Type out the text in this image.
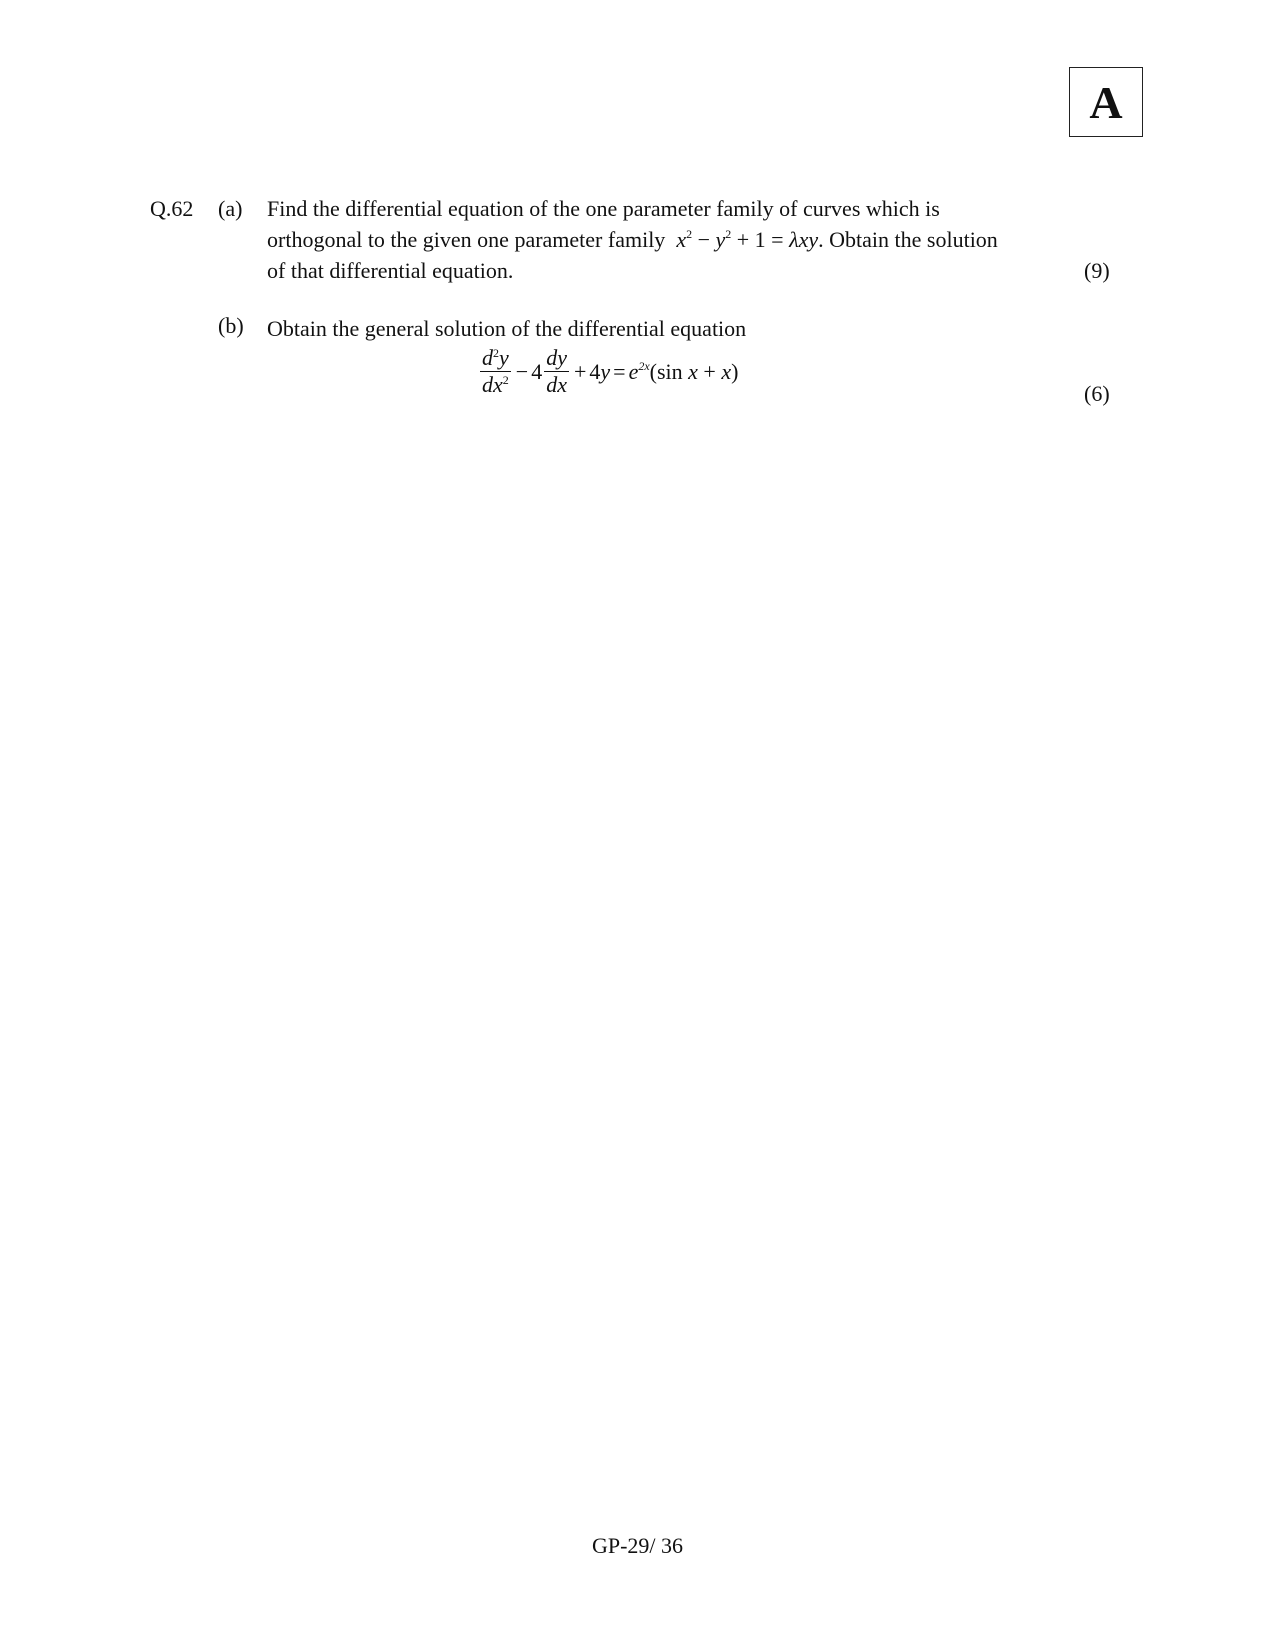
A
Q.62 (a) Find the differential equation of the one parameter family of curves which is
orthogonal to the given one parameter family $x^2 - y^2 + 1 = \lambda xy$. Obtain the solution
of that differential equation.	(9)
(b) Obtain the general solution of the differential equation
$\frac{d^2y}{dx^2} - 4 \frac{dy}{dx} + 4y = e^{2x}$ (sin x + x)
(6)
GP-29/ 36
